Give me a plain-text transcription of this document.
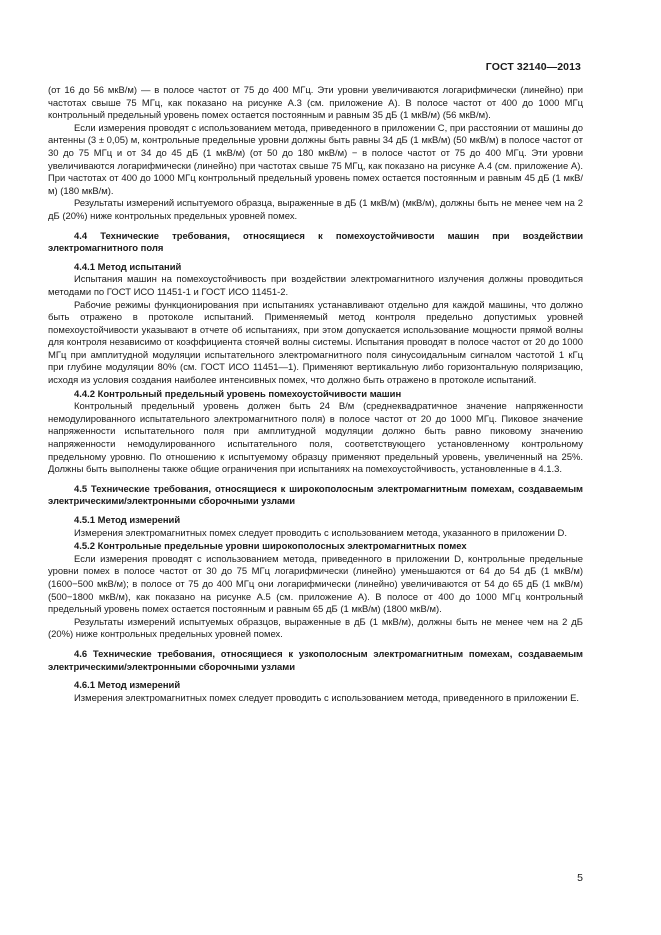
ГОСТ 32140—2013

(от 16 до 56 мкВ/м) — в полосе частот от 75 до 400 МГц. Эти уровни увеличиваются логарифмически (линейно) при частотах свыше 75 МГц, как показано на рисунке А.3 (см. приложение А). В полосе частот от 400 до 1000 МГц контрольный предельный уровень помех остается постоянным и равным 35 дБ (1 мкВ/м) (56 мкВ/м).

Если измерения проводят с использованием метода, приведенного в приложении С, при расстоянии от машины до антенны (3 ± 0,05) м, контрольные предельные уровни должны быть равны 34 дБ (1 мкВ/м) (50 мкВ/м) в полосе частот от 30 до 75 МГц и от 34 до 45 дБ (1 мкВ/м) (от 50 до 180 мкВ/м) − в полосе частот от 75 до 400 МГц. Эти уровни увеличиваются логарифмически (линейно) при частотах свыше 75 МГц, как показано на рисунке А.4 (см. приложение А). При частотах от 400 до 1000 МГц контрольный предельный уровень помех остается постоянным и равным 45 дБ (1 мкВ/м) (180 мкВ/м).

Результаты измерений испытуемого образца, выраженные в дБ (1 мкВ/м) (мкВ/м), должны быть не менее чем на 2 дБ (20%) ниже контрольных предельных уровней помех.

4.4 Технические требования, относящиеся к помехоустойчивости машин при воздействии электромагнитного поля

4.4.1 Метод испытаний

Испытания машин на помехоустойчивость при воздействии электромагнитного излучения должны проводиться методами по ГОСТ ИСО 11451-1 и ГОСТ ИСО 11451-2.

Рабочие режимы функционирования при испытаниях устанавливают отдельно для каждой машины, что должно быть отражено в протоколе испытаний. Применяемый метод контроля предельно допустимых уровней помехоустойчивости указывают в отчете об испытаниях, при этом допускается использование мощности прямой волны для контроля независимо от коэффициента стоячей волны системы. Испытания проводят в полосе частот от 20 до 1000 МГц при амплитудной модуляции испытательного электромагнитного поля синусоидальным сигналом частотой 1 кГц при глубине модуляции 80% (см. ГОСТ ИСО 11451—1). Применяют вертикальную либо горизонтальную поляризацию, исходя из условия создания наиболее интенсивных помех, что должно быть отражено в протоколе испытаний.

4.4.2 Контрольный предельный уровень помехоустойчивости машин

Контрольный предельный уровень должен быть 24 В/м (среднеквадратичное значение напряженности немодулированного испытательного электромагнитного поля) в полосе частот от 20 до 1000 МГц. Пиковое значение напряженности испытательного поля при амплитудной модуляции должно быть равно пиковому значению напряженности немодулированного испытательного поля, соответствующего установленному контрольному предельному уровню. По отношению к испытуемому образцу применяют предельный уровень, увеличенный на 25%. Должны быть выполнены также общие ограничения при испытаниях на помехоустойчивость, установленные в 4.1.3.

4.5 Технические требования, относящиеся к широкополосным электромагнитным помехам, создаваемым электрическими/электронными сборочными узлами

4.5.1 Метод измерений

Измерения электромагнитных помех следует проводить с использованием метода, указанного в приложении D.

4.5.2 Контрольные предельные уровни широкополосных электромагнитных помех

Если измерения проводят с использованием метода, приведенного в приложении D, контрольные предельные уровни помех в полосе частот от 30 до 75 МГц логарифмически (линейно) уменьшаются от 64 до 54 дБ (1 мкВ/м) (1600−500 мкВ/м); в полосе от 75 до 400 МГц они логарифмически (линейно) увеличиваются от 54 до 65 дБ (1 мкВ/м) (500−1800 мкВ/м), как показано на рисунке А.5 (см. приложение А). В полосе от 400 до 1000 МГц контрольный предельный уровень помех остается постоянным и равным 65 дБ (1 мкВ/м) (1800 мкВ/м).

Результаты измерений испытуемых образцов, выраженные в дБ (1 мкВ/м), должны быть не менее чем на 2 дБ (20%) ниже контрольных предельных уровней помех.

4.6 Технические требования, относящиеся к узкополосным электромагнитным помехам, создаваемым электрическими/электронными сборочными узлами

4.6.1 Метод измерений

Измерения электромагнитных помех следует проводить с использованием метода, приведенного в приложении Е.

5
